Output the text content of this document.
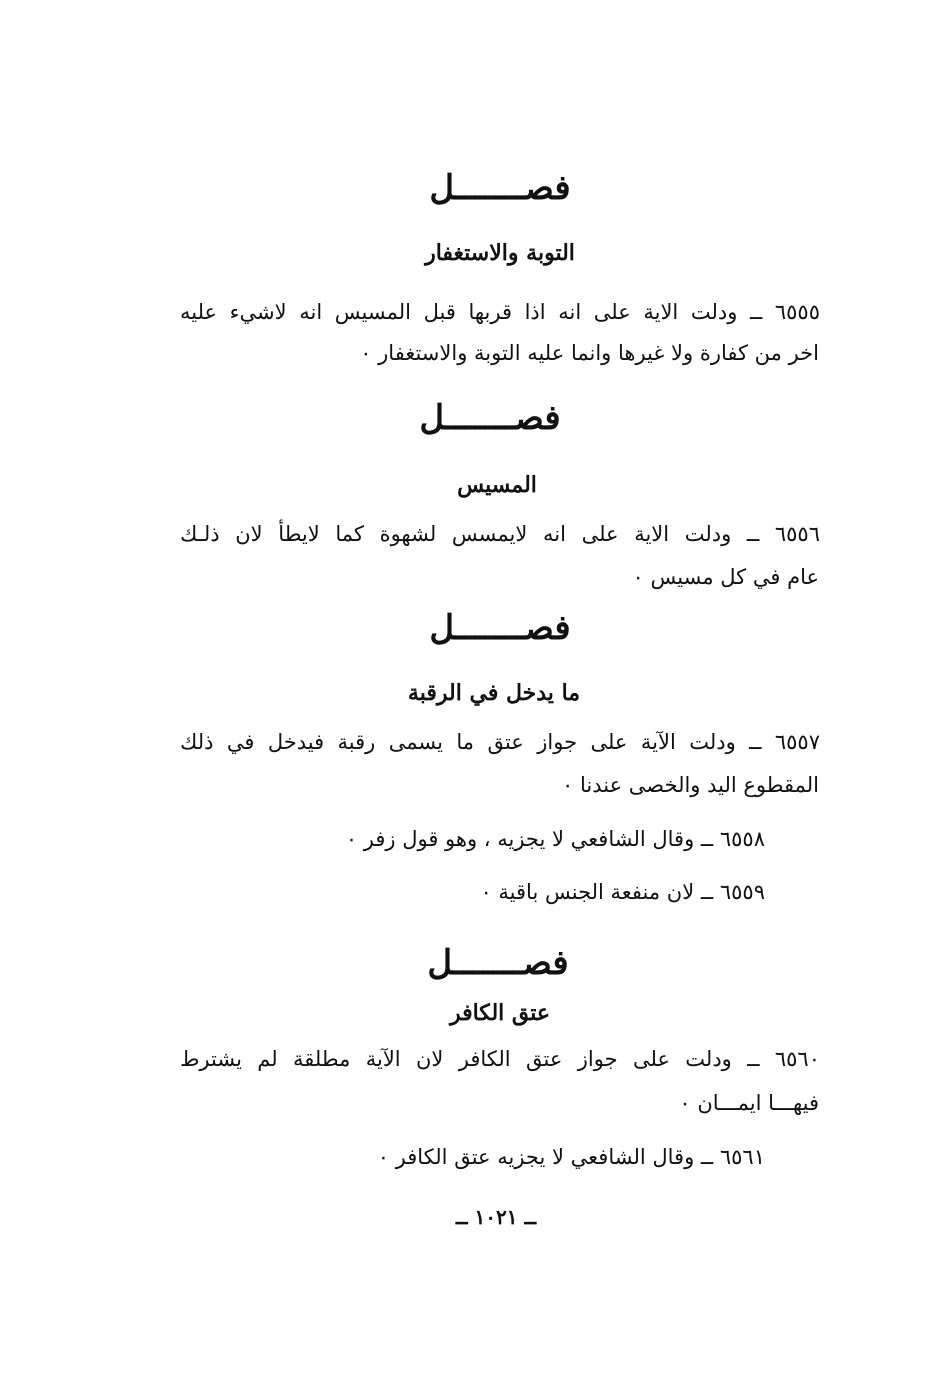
فصـــــــل
التوبة والاستغفار
٦٥٥٥ ــ ودلت الاية على انه اذا قربها قبل المسيس انه لاشيء عليه
اخر من كفارة ولا غيرها وانما عليه التوبة والاستغفار ٠
فصـــــــل
المسيس
٦٥٥٦ ــ ودلت الاية على انه لايمسس لشهوة كما لايطأ لان ذلـك
عام في كل مسيس ٠
فصـــــــل
ما يدخل في الرقبة
٦٥٥٧ ــ ودلت الآية على جواز عتق ما يسمى رقبة فيدخل في ذلك
المقطوع اليد والخصى عندنا ٠
٦٥٥٨ ــ وقال الشافعي لا يجزيه ، وهو قول زفر ٠
٦٥٥٩ ــ لان منفعة الجنس باقية ٠
فصـــــــل
عتق الكافر
٦٥٦٠ ــ ودلت على جواز عتق الكافر لان الآية مطلقة لم يشترط
فيهـــا ايمـــان ٠
٦٥٦١ ــ وقال الشافعي لا يجزيه عتق الكافر ٠
ــ ١٠٢١ ــ
